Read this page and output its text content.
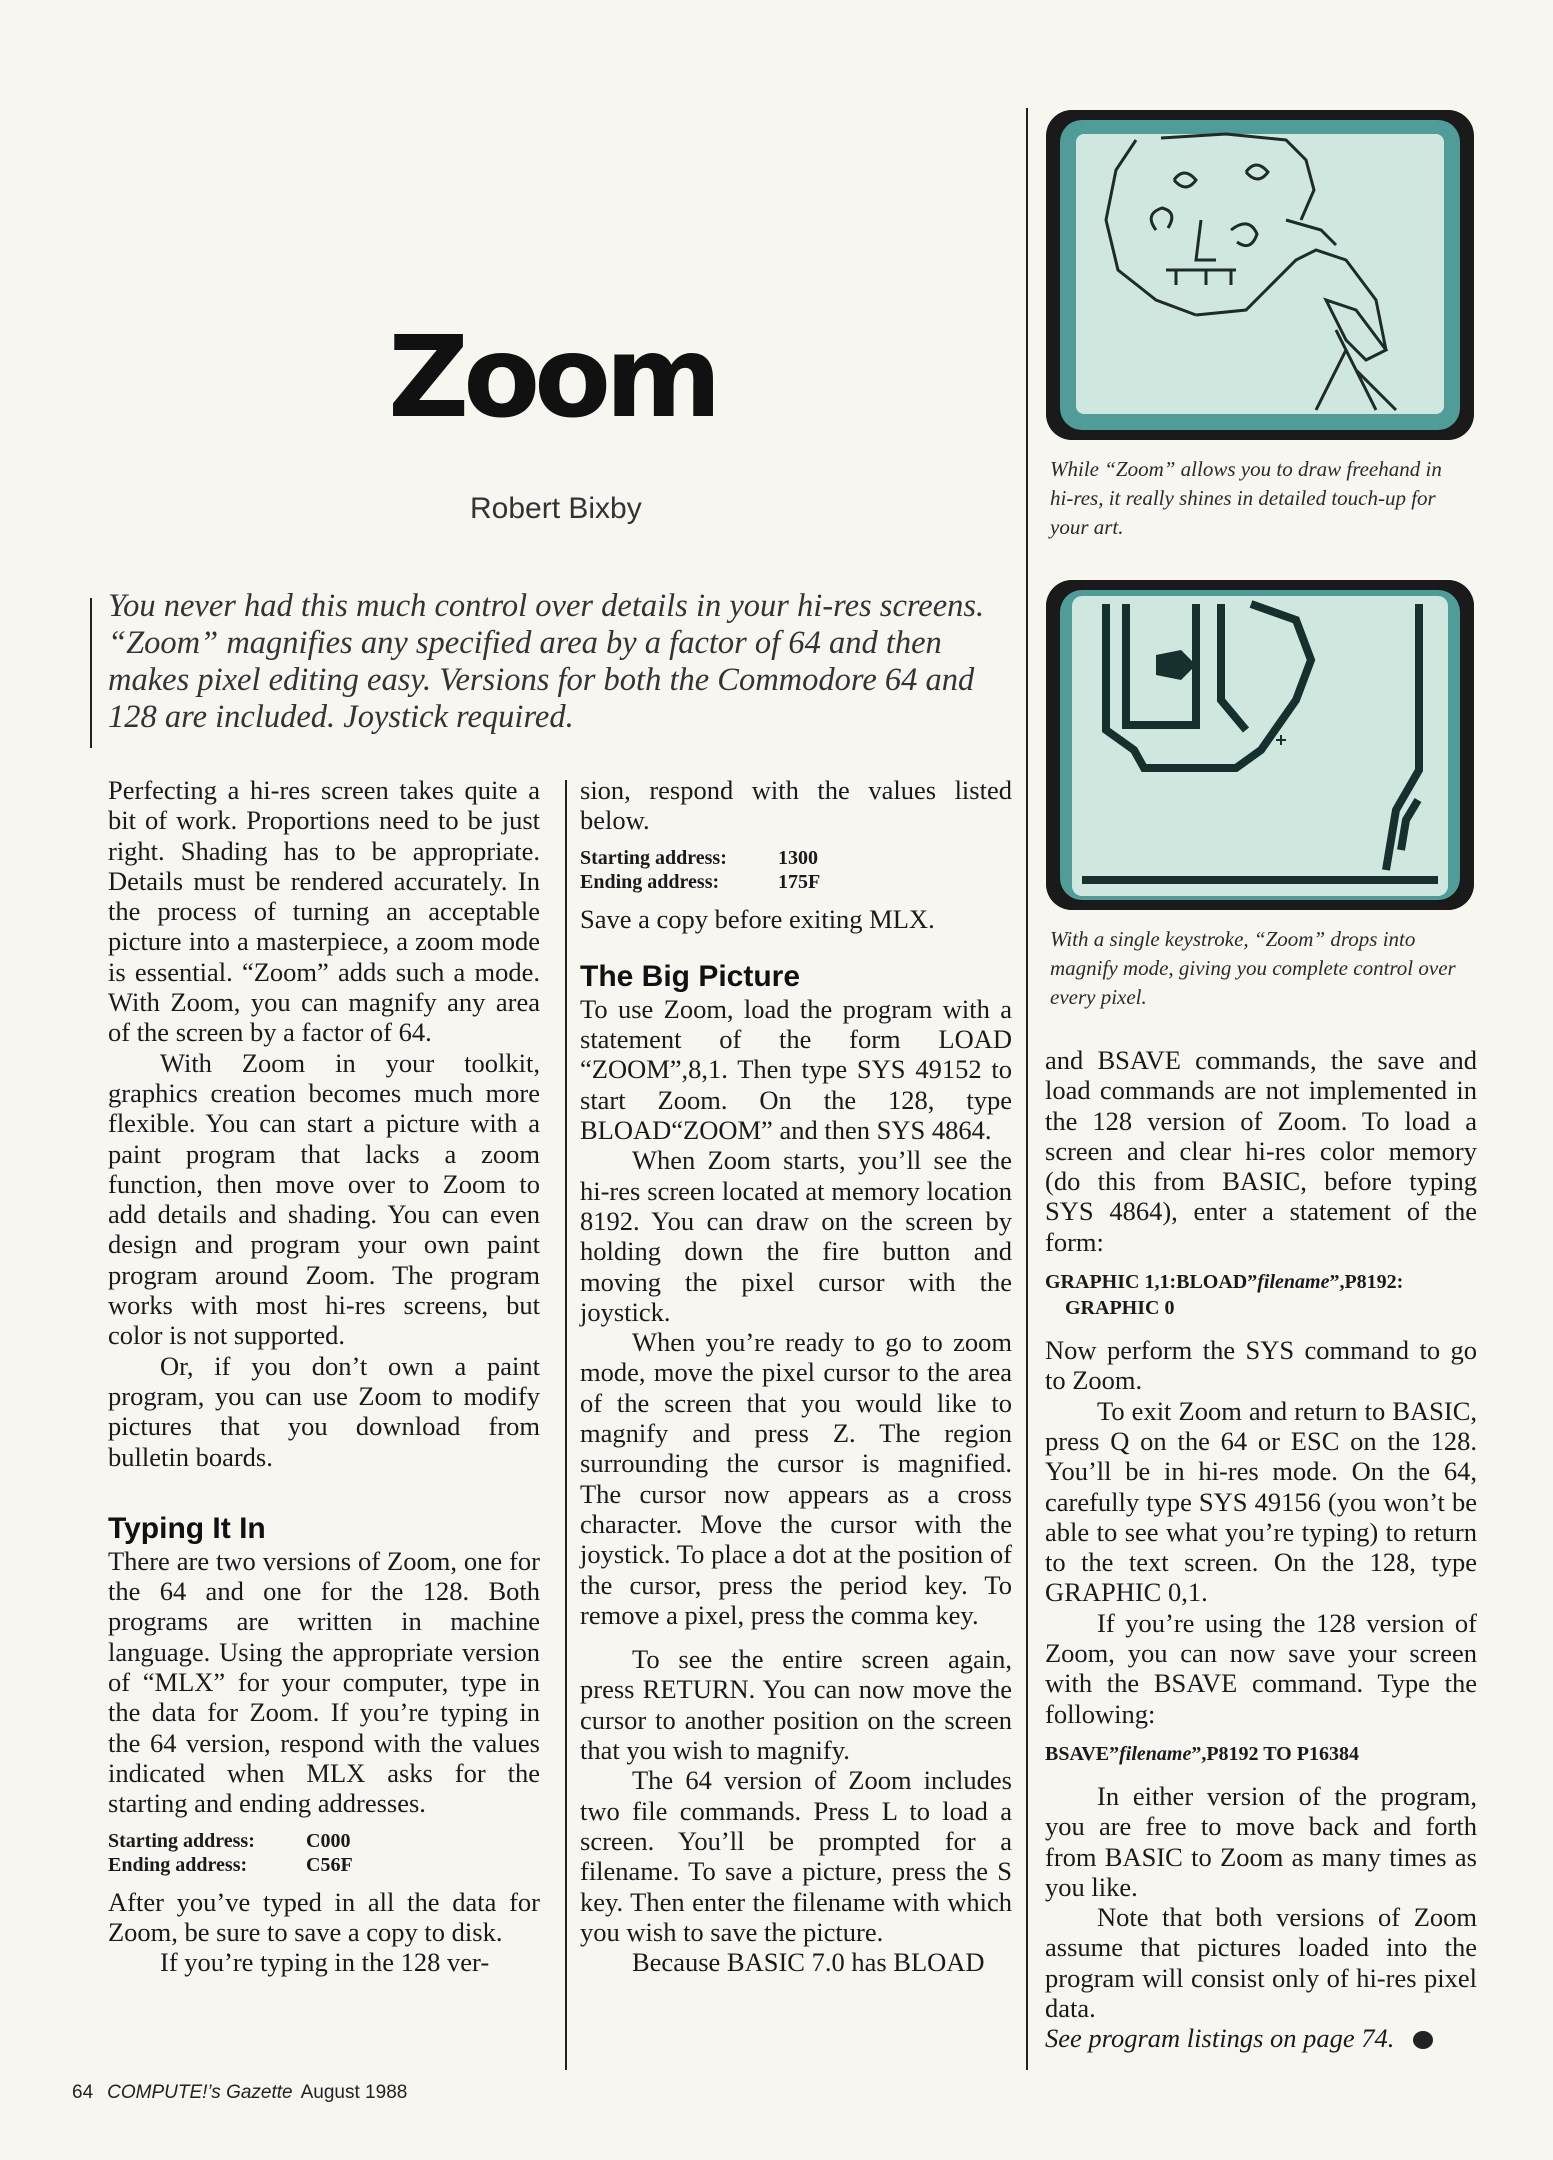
Zoom
Robert Bixby
You never had this much control over details in your hi-res screens. “Zoom” magnifies any specified area by a factor of 64 and then makes pixel editing easy. Versions for both the Commodore 64 and 128 are included. Joystick required.
While “Zoom” allows you to draw freehand in hi-res, it really shines in detailed touch-up for your art.
With a single keystroke, “Zoom” drops into magnify mode, giving you complete control over every pixel.

Perfecting a hi-res screen takes quite a bit of work. Proportions need to be just right. Shading has to be appropriate. Details must be rendered accurately. In the process of turning an acceptable picture into a masterpiece, a zoom mode is essential. “Zoom” adds such a mode. With Zoom, you can magnify any area of the screen by a factor of 64.

With Zoom in your toolkit, graphics creation becomes much more flexible. You can start a picture with a paint program that lacks a zoom function, then move over to Zoom to add details and shading. You can even design and program your own paint program around Zoom. The program works with most hi-res screens, but color is not supported.

Or, if you don’t own a paint program, you can use Zoom to modify pictures that you download from bulletin boards.

Typing It In

There are two versions of Zoom, one for the 64 and one for the 128. Both programs are written in machine language. Using the appropriate version of “MLX” for your computer, type in the data for Zoom. If you’re typing in the 64 version, respond with the values indicated when MLX asks for the starting and ending addresses.

Starting address:	C000
Ending address:	C56F

After you’ve typed in all the data for Zoom, be sure to save a copy to disk.

If you’re typing in the 128 ver-

sion, respond with the values listed below.

Starting address:	1300
Ending address:	175F

Save a copy before exiting MLX.

The Big Picture

To use Zoom, load the program with a statement of the form LOAD “ZOOM”,8,1. Then type SYS 49152 to start Zoom. On the 128, type BLOAD“ZOOM” and then SYS 4864.

When Zoom starts, you’ll see the hi-res screen located at memory location 8192. You can draw on the screen by holding down the fire button and moving the pixel cursor with the joystick.

When you’re ready to go to zoom mode, move the pixel cursor to the area of the screen that you would like to magnify and press Z. The region surrounding the cursor is magnified. The cursor now appears as a cross character. Move the cursor with the joystick. To place a dot at the position of the cursor, press the period key. To remove a pixel, press the comma key.

To see the entire screen again, press RETURN. You can now move the cursor to another position on the screen that you wish to magnify.

The 64 version of Zoom includes two file commands. Press L to load a screen. You’ll be prompted for a filename. To save a picture, press the S key. Then enter the filename with which you wish to save the picture.

Because BASIC 7.0 has BLOAD

and BSAVE commands, the save and load commands are not implemented in the 128 version of Zoom. To load a screen and clear hi-res color memory (do this from BASIC, before typing SYS 4864), enter a statement of the form:

GRAPHIC 1,1:BLOAD”filename”,P8192:
GRAPHIC 0

Now perform the SYS command to go to Zoom.

To exit Zoom and return to BASIC, press Q on the 64 or ESC on the 128. You’ll be in hi-res mode. On the 64, carefully type SYS 49156 (you won’t be able to see what you’re typing) to return to the text screen. On the 128, type GRAPHIC 0,1.

If you’re using the 128 version of Zoom, you can now save your screen with the BSAVE command. Type the following:

BSAVE”filename”,P8192 TO P16384

In either version of the program, you are free to move back and forth from BASIC to Zoom as many times as you like.

Note that both versions of Zoom assume that pictures loaded into the program will consist only of hi-res pixel data.

See program listings on page 74.

64 COMPUTE!’s Gazette August 1988
